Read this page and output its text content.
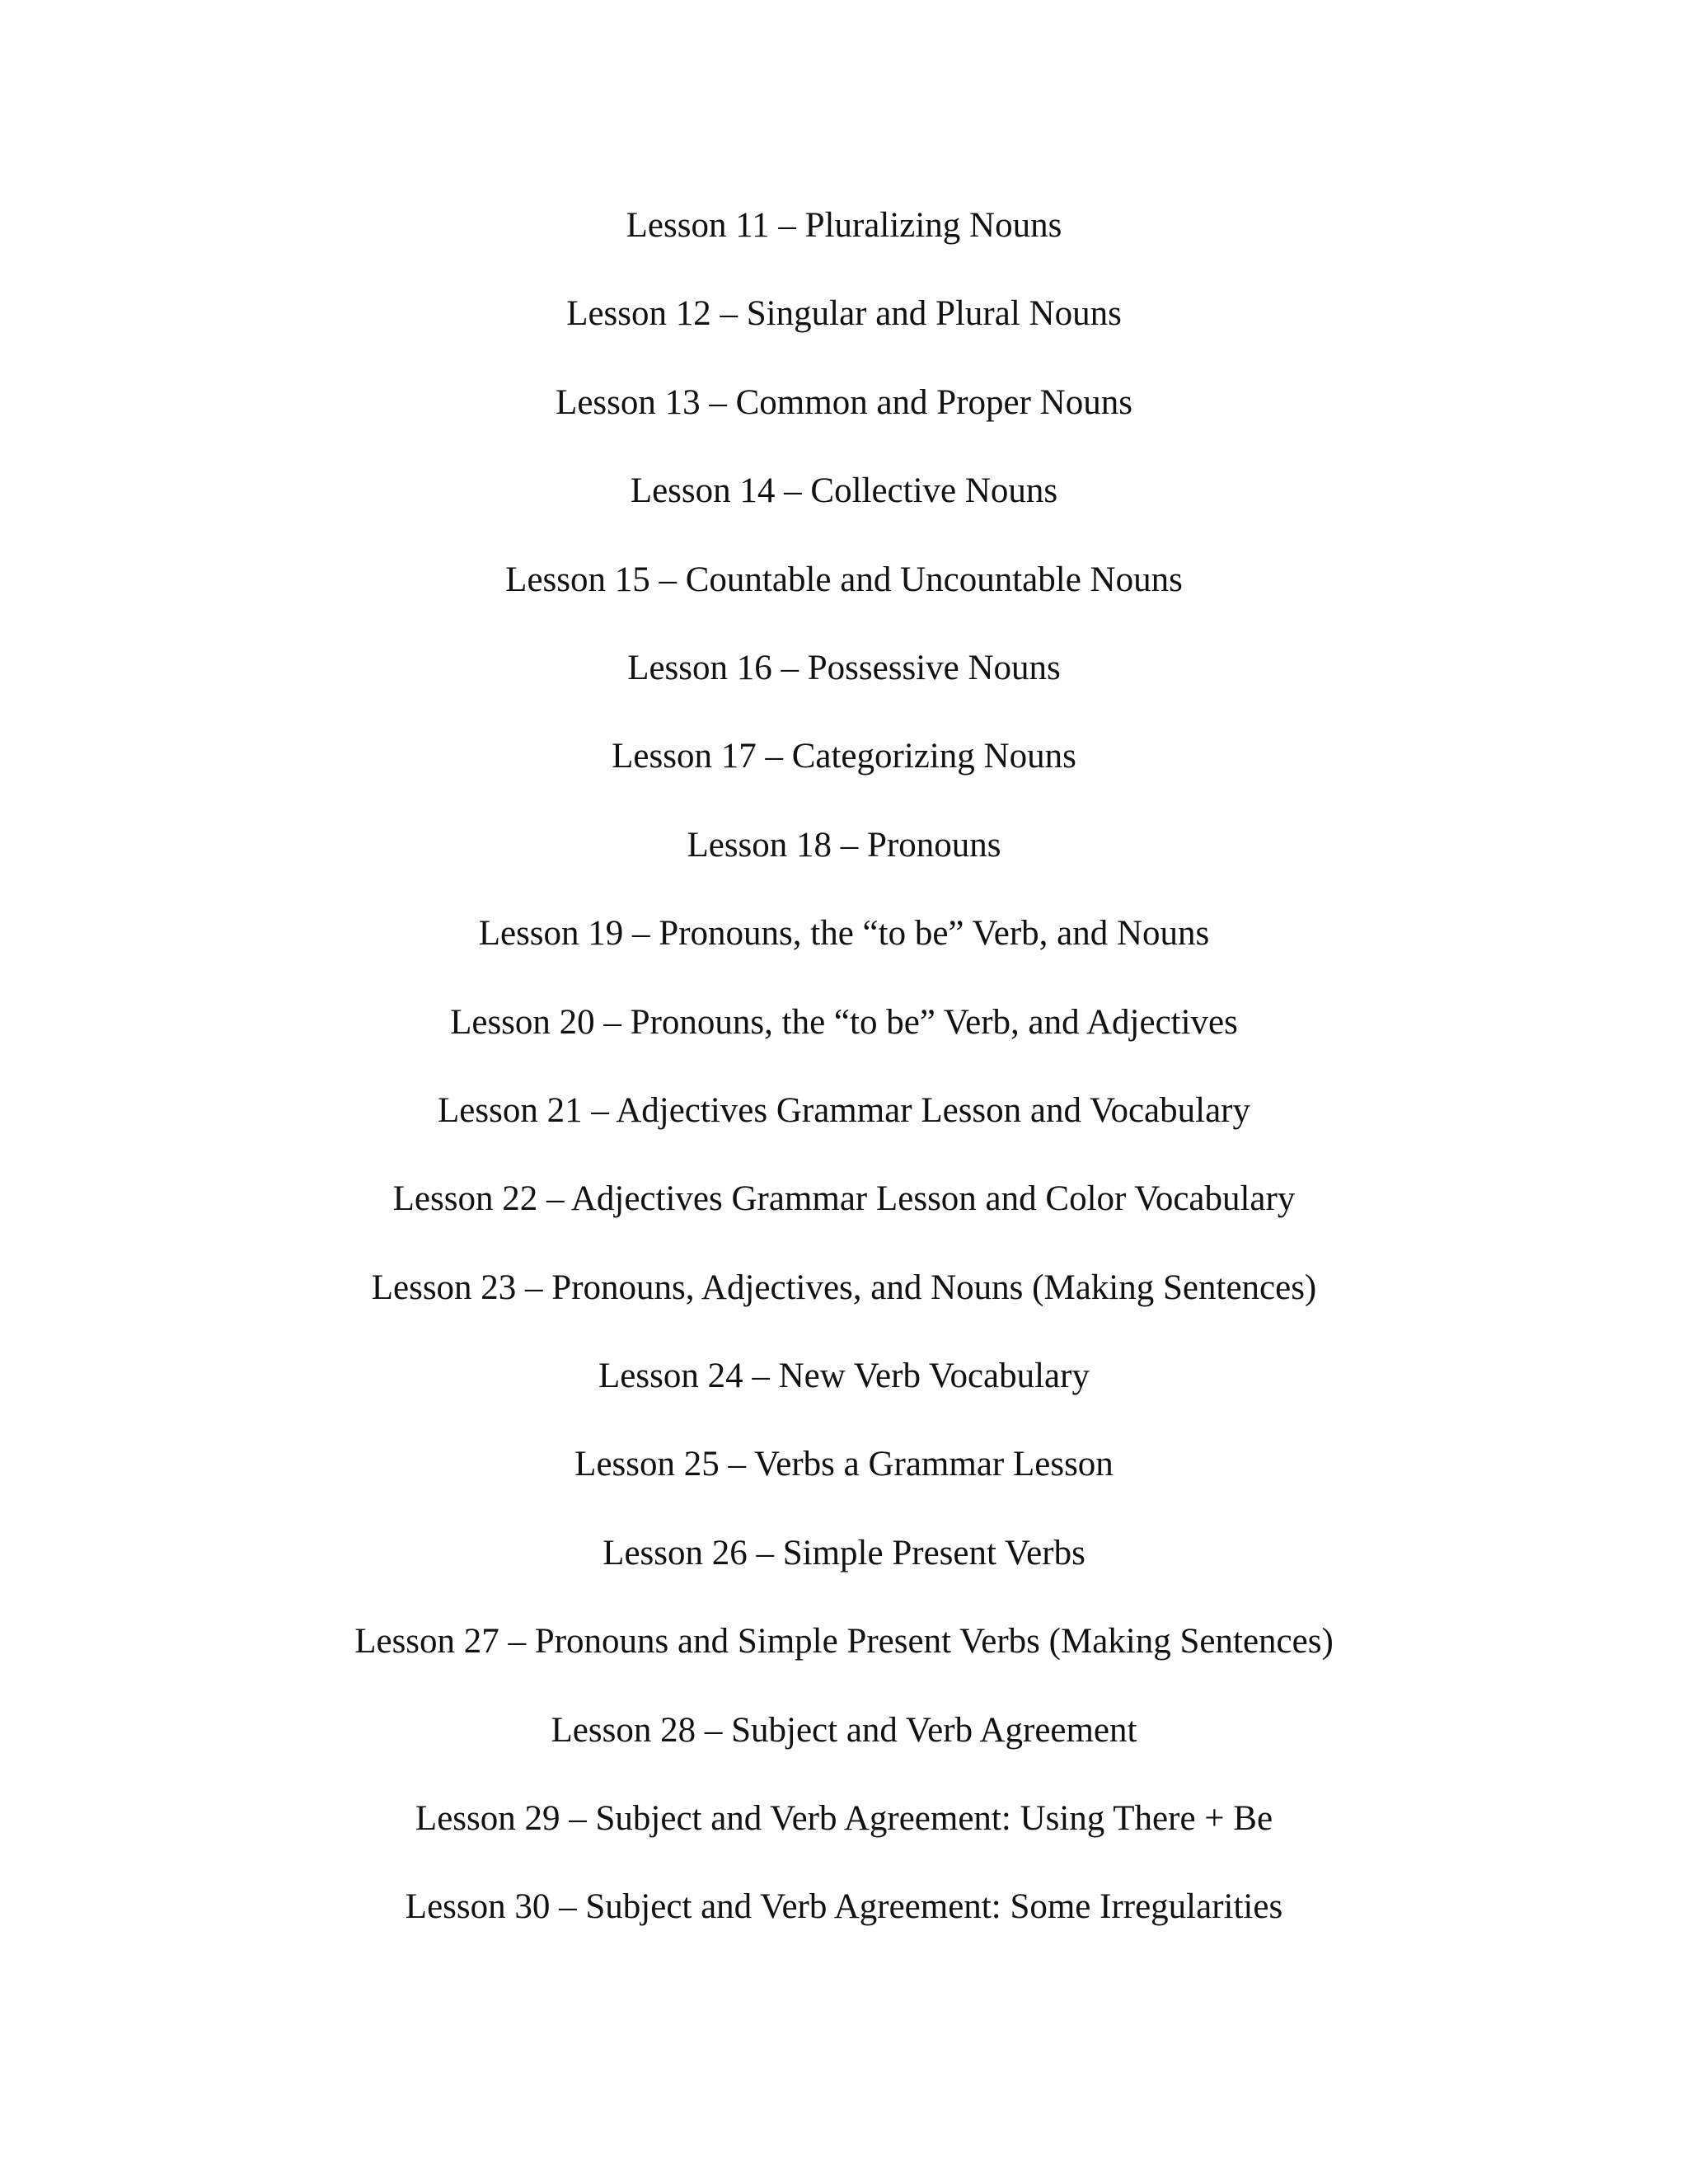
Lesson 11 – Pluralizing Nouns
Lesson 12 – Singular and Plural Nouns
Lesson 13 – Common and Proper Nouns
Lesson 14 – Collective Nouns
Lesson 15 – Countable and Uncountable Nouns
Lesson 16 – Possessive Nouns
Lesson 17 – Categorizing Nouns
Lesson 18 – Pronouns
Lesson 19 – Pronouns, the “to be” Verb, and Nouns
Lesson 20 – Pronouns, the “to be” Verb, and Adjectives
Lesson 21 – Adjectives Grammar Lesson and Vocabulary
Lesson 22 – Adjectives Grammar Lesson and Color Vocabulary
Lesson 23 – Pronouns, Adjectives, and Nouns (Making Sentences)
Lesson 24 – New Verb Vocabulary
Lesson 25 – Verbs a Grammar Lesson
Lesson 26 – Simple Present Verbs
Lesson 27 – Pronouns and Simple Present Verbs (Making Sentences)
Lesson 28 – Subject and Verb Agreement
Lesson 29 – Subject and Verb Agreement: Using There + Be
Lesson 30 – Subject and Verb Agreement: Some Irregularities
